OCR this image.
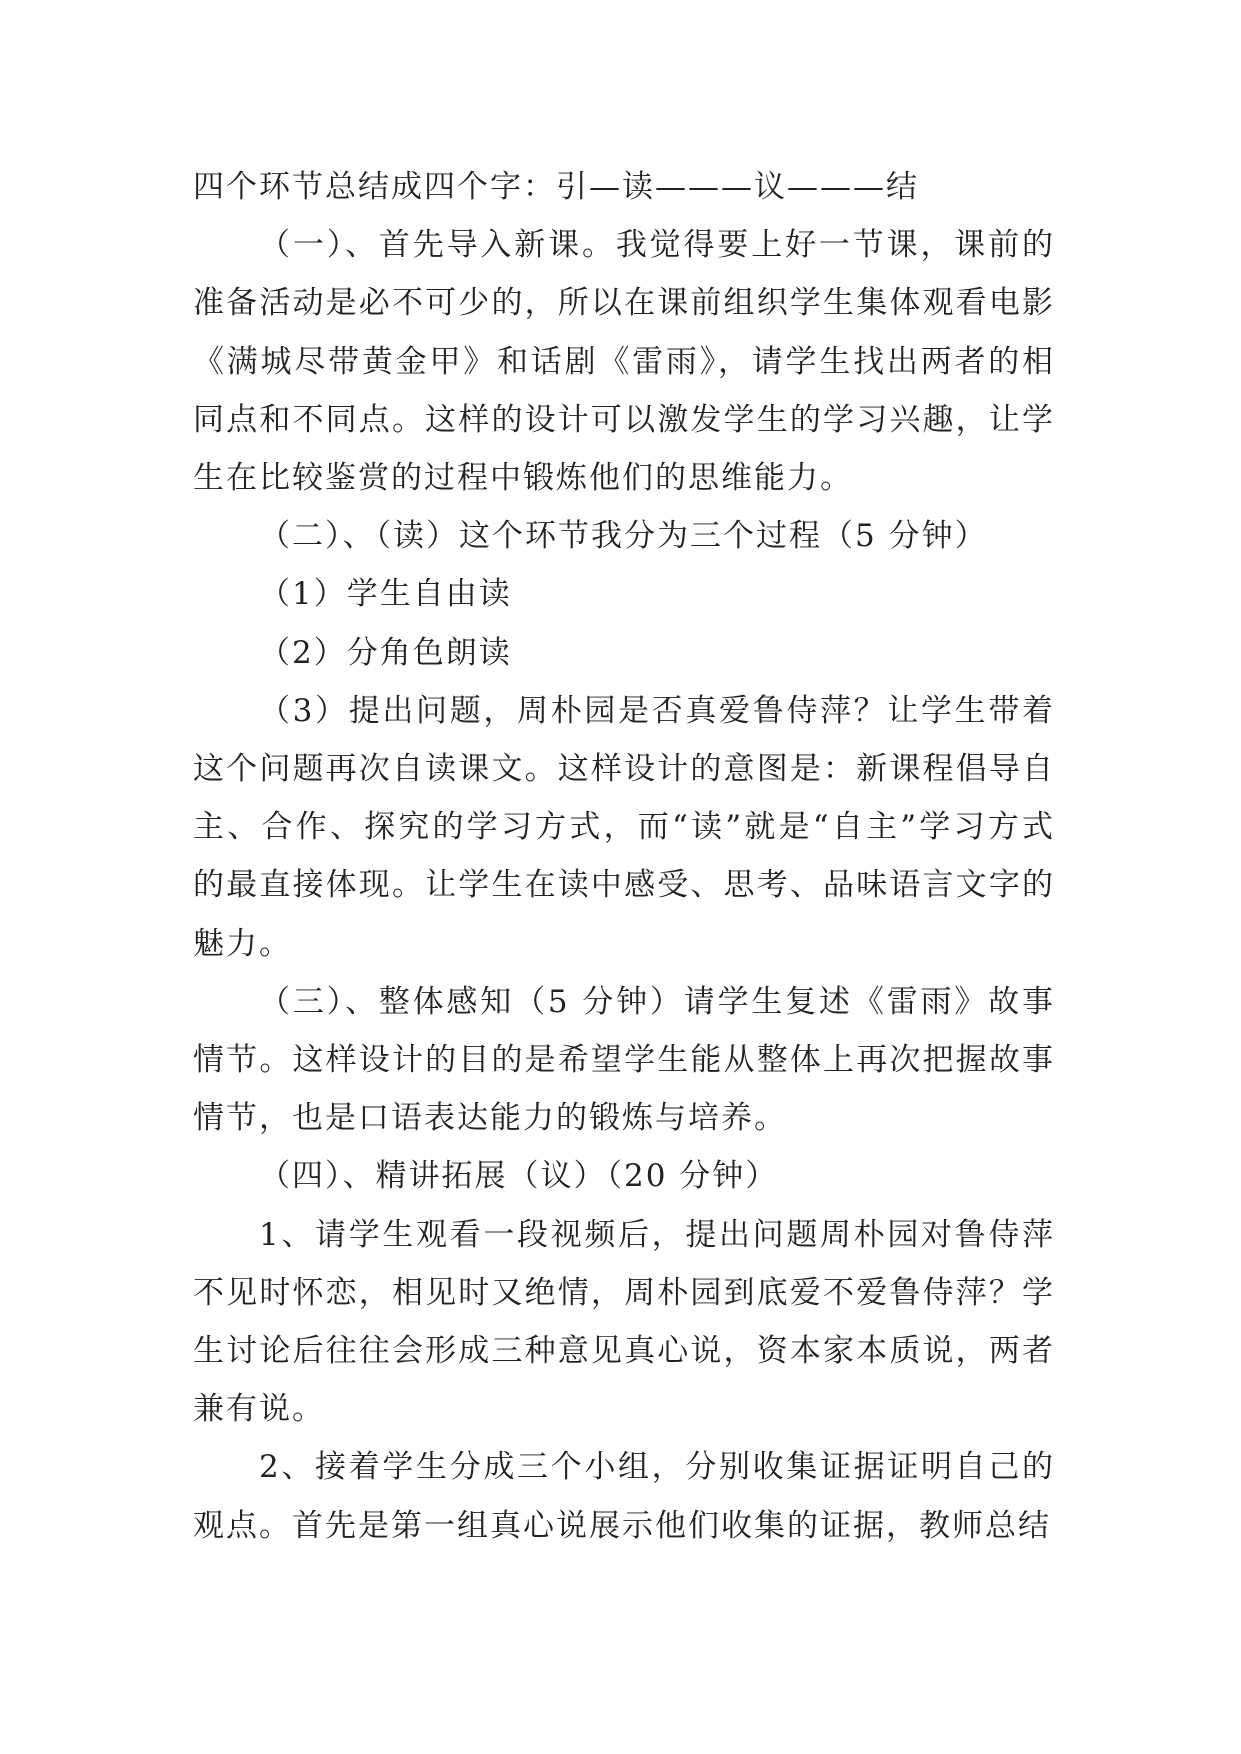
四个环节总结成四个字：引—读———议———结

（一）、首先导入新课。我觉得要上好一节课，课前的准备活动是必不可少的，所以在课前组织学生集体观看电影《满城尽带黄金甲》和话剧《雷雨》，请学生找出两者的相同点和不同点。这样的设计可以激发学生的学习兴趣，让学生在比较鉴赏的过程中锻炼他们的思维能力。

（二）、（读）这个环节我分为三个过程（5 分钟）

（1）学生自由读

（2）分角色朗读

（3）提出问题，周朴园是否真爱鲁侍萍？让学生带着这个问题再次自读课文。这样设计的意图是：新课程倡导自主、合作、探究的学习方式，而“读”就是“自主”学习方式的最直接体现。让学生在读中感受、思考、品味语言文字的魅力。

（三）、整体感知（5 分钟）请学生复述《雷雨》故事情节。这样设计的目的是希望学生能从整体上再次把握故事情节，也是口语表达能力的锻炼与培养。

（四）、精讲拓展（议）（20 分钟）

1、请学生观看一段视频后，提出问题周朴园对鲁侍萍不见时怀恋，相见时又绝情，周朴园到底爱不爱鲁侍萍？学生讨论后往往会形成三种意见真心说，资本家本质说，两者兼有说。

2、接着学生分成三个小组，分别收集证据证明自己的观点。首先是第一组真心说展示他们收集的证据，教师总结
